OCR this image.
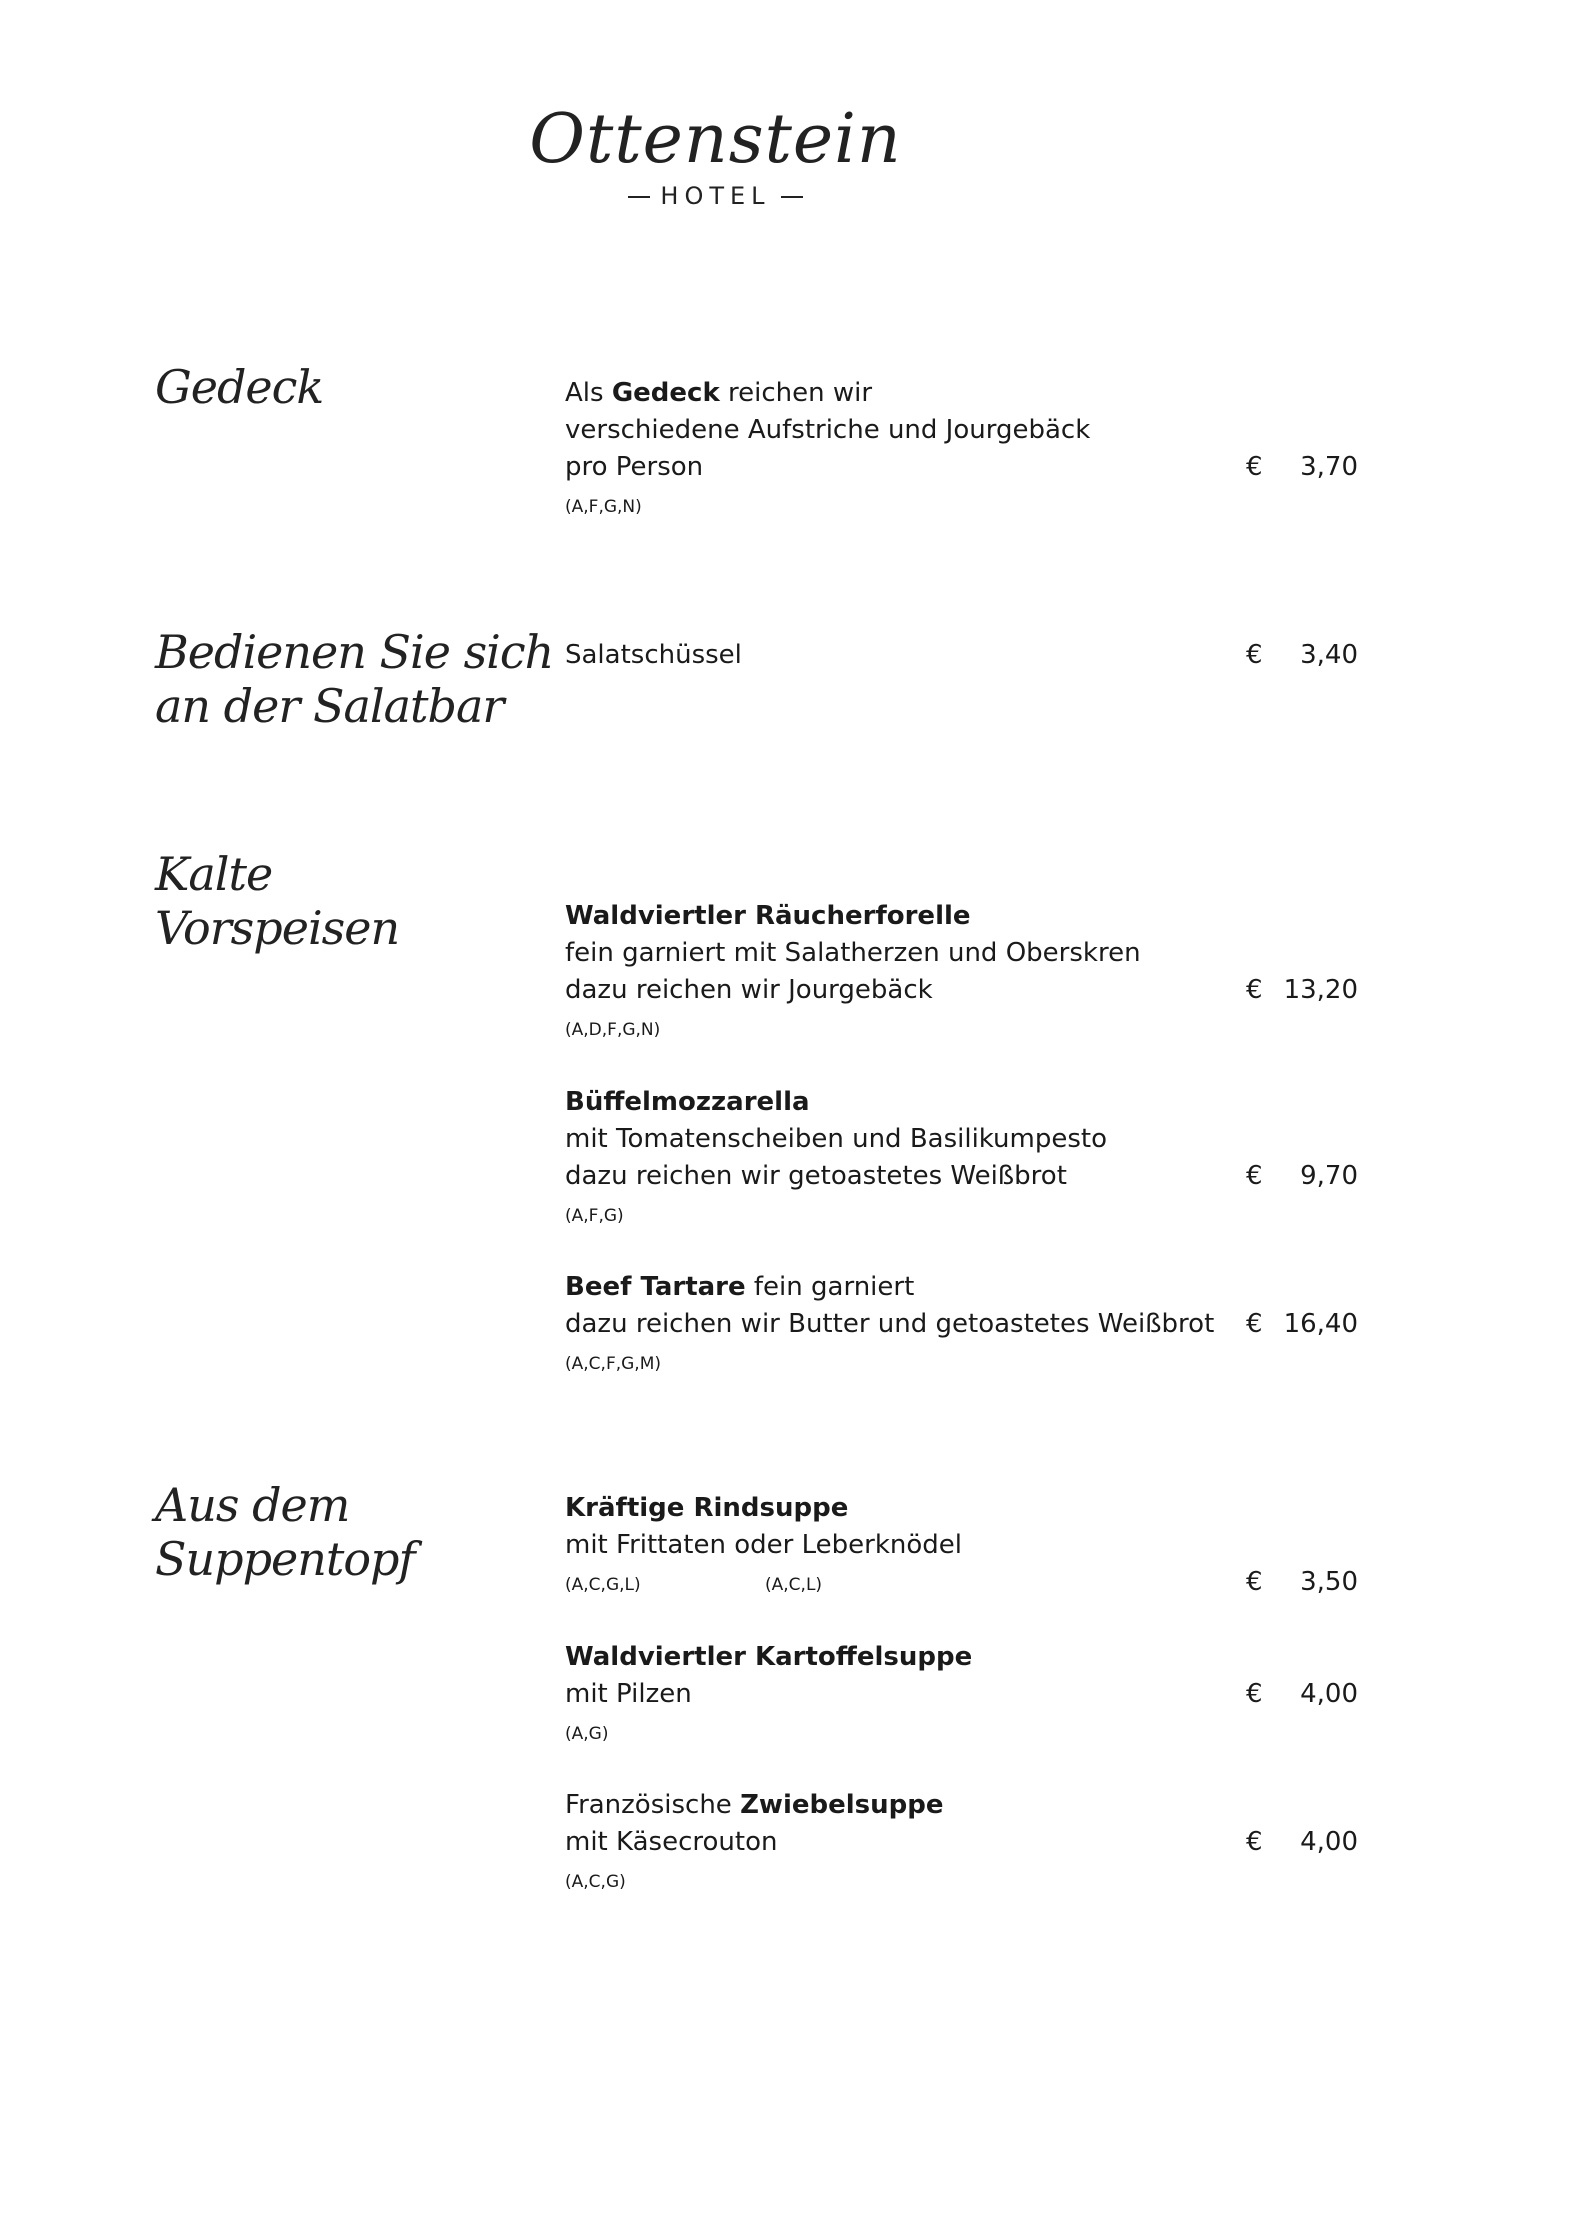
Ottenstein
HOTEL
Gedeck	Als Gedeck reichen wir
verschiedene Aufstriche und Jourgebäck
pro Person
(A,F,G,N)
€	3,70
Bedienen Sie sich
an der Salatbar
Salatschüssel	€	3,40
Kalte
Vorspeisen	Waldviertler Räucherforelle
fein garniert mit Salatherzen und Oberskren
dazu reichen wir Jourgebäck
(A,D,F,G,N)
€ 13,20
Büffelmozzarella
mit Tomatenscheiben und Basilikumpesto
dazu reichen wir getoastetes Weißbrot
(A,F,G)
€	9,70
Beef Tartare fein garniert
dazu reichen wir Butter und getoastetes Weißbrot
(A,C,F,G,M)
€ 16,40
Aus dem
Suppentopf
Kräftige Rindsuppe
mit Frittaten oder Leberknödel
(A,C,G,L)	(A,C,L)	€	3,50
Waldviertler Kartoffelsuppe
mit Pilzen
(A,G)
€	4,00
Französische Zwiebelsuppe
mit Käsecrouton
(A,C,G)
€	4,00
